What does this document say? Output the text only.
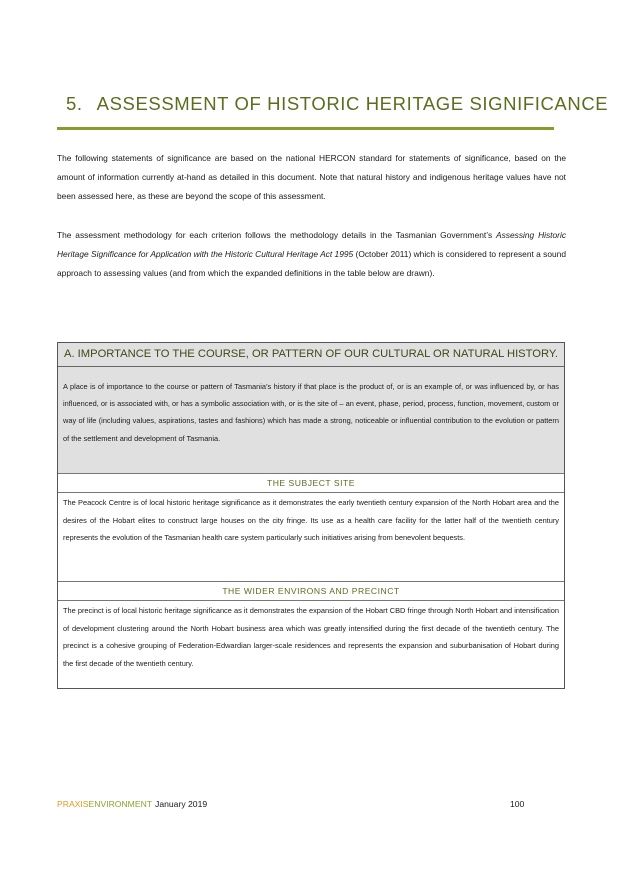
5. ASSESSMENT OF HISTORIC HERITAGE SIGNIFICANCE
The following statements of significance are based on the national HERCON standard for statements of significance, based on the amount of information currently at-hand as detailed in this document. Note that natural history and indigenous heritage values have not been assessed here, as these are beyond the scope of this assessment.
The assessment methodology for each criterion follows the methodology details in the Tasmanian Government’s Assessing Historic Heritage Significance for Application with the Historic Cultural Heritage Act 1995 (October 2011) which is considered to represent a sound approach to assessing values (and from which the expanded definitions in the table below are drawn).
A. IMPORTANCE TO THE COURSE, OR PATTERN OF OUR CULTURAL OR NATURAL HISTORY.
A place is of importance to the course or pattern of Tasmania’s history if that place is the product of, or is an example of, or was influenced by, or has influenced, or is associated with, or has a symbolic association with, or is the site of – an event, phase, period, process, function, movement, custom or way of life (including values, aspirations, tastes and fashions) which has made a strong, noticeable or influential contribution to the evolution or pattern of the settlement and development of Tasmania.
THE SUBJECT SITE
The Peacock Centre is of local historic heritage significance as it demonstrates the early twentieth century expansion of the North Hobart area and the desires of the Hobart elites to construct large houses on the city fringe. Its use as a health care facility for the latter half of the twentieth century represents the evolution of the Tasmanian health care system particularly such initiatives arising from benevolent bequests.
THE WIDER ENVIRONS AND PRECINCT
The precinct is of local historic heritage significance as it demonstrates the expansion of the Hobart CBD fringe through North Hobart and intensification of development clustering around the North Hobart business area which was greatly intensified during the first decade of the twentieth century. The precinct is a cohesive grouping of Federation-Edwardian larger-scale residences and represents the expansion and suburbanisation of Hobart during the first decade of the twentieth century.
PRAXISENVIRONMENT January 2019	100
